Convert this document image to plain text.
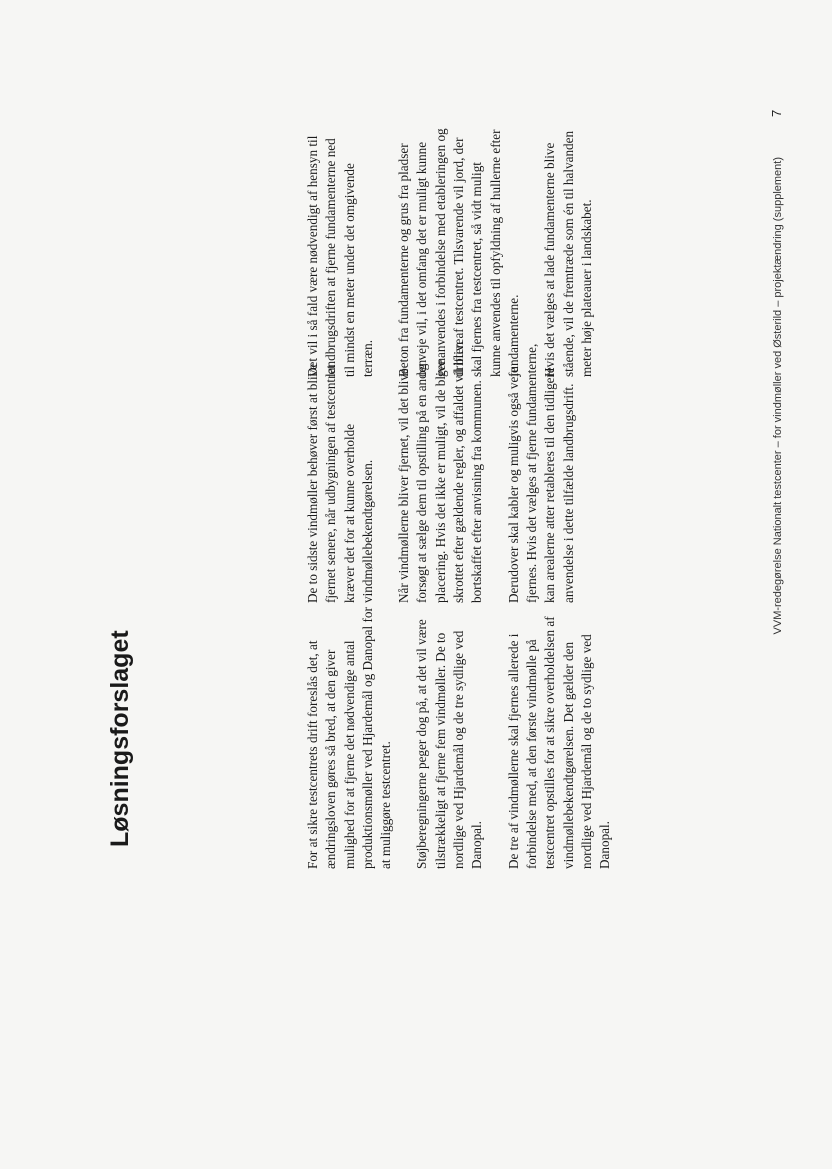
Løsningsforslaget	For at sikre testcentrets drift foreslås det, at ændringsloven gøres så bred, at den giver mulighed for at fjerne det nødvendige antal produktionsmøller ved Hjardemål og Danopal for at muliggøre testcentret. Støjberegningerne peger dog på, at det vil være tilstrækkeligt at fjerne fem vindmøller. De to nordlige ved Hjardemål og de tre sydlige ved Danopal. De tre af vindmøllerne skal fjernes allerede i forbindelse med, at den første vindmølle på testcentret opstilles for at sikre overholdelsen af vindmøllebekendtgørelsen. Det gælder den nordlige ved Hjardemål og de to sydlige ved Danopal.

De to sidste vindmøller behøver først at blive fjernet senere, når udbygningen af testcentret kræver det for at kunne overholde vindmøllebekendtgørelsen. Når vindmøllerne bliver fjernet, vil det blive forsøgt at sælge dem til opstilling på en anden placering. Hvis det ikke er muligt, vil de blive skrottet efter gældende regler, og affaldet vil blive bortskaffet efter anvisning fra kommunen. Derudover skal kabler og muligvis også veje fjernes. Hvis det vælges at fjerne fundamenterne, kan arealerne atter retableres til den tidligere anvendelse i dette tilfælde landbrugsdrift.

Det vil i så fald være nødvendigt af hensyn til landbrugsdriften at fjerne fundamenterne ned til mindst en meter under det omgivende terræn. Beton fra fundamenterne og grus fra pladser og veje vil, i det omfang det er muligt kunne genanvendes i forbindelse med etableringen og driften af testcentret. Tilsvarende vil jord, der skal fjernes fra testcentret, så vidt muligt kunne anvendes til opfyldning af hullerne efter fundamenterne. Hvis det vælges at lade fundamenterne blive stående, vil de fremtræde som én til halvanden meter høje plateauer i landskabet.	VVM-redegørelse Nationalt testcenter – for vindmøller ved Østerild – projektændring (supplement)
7
